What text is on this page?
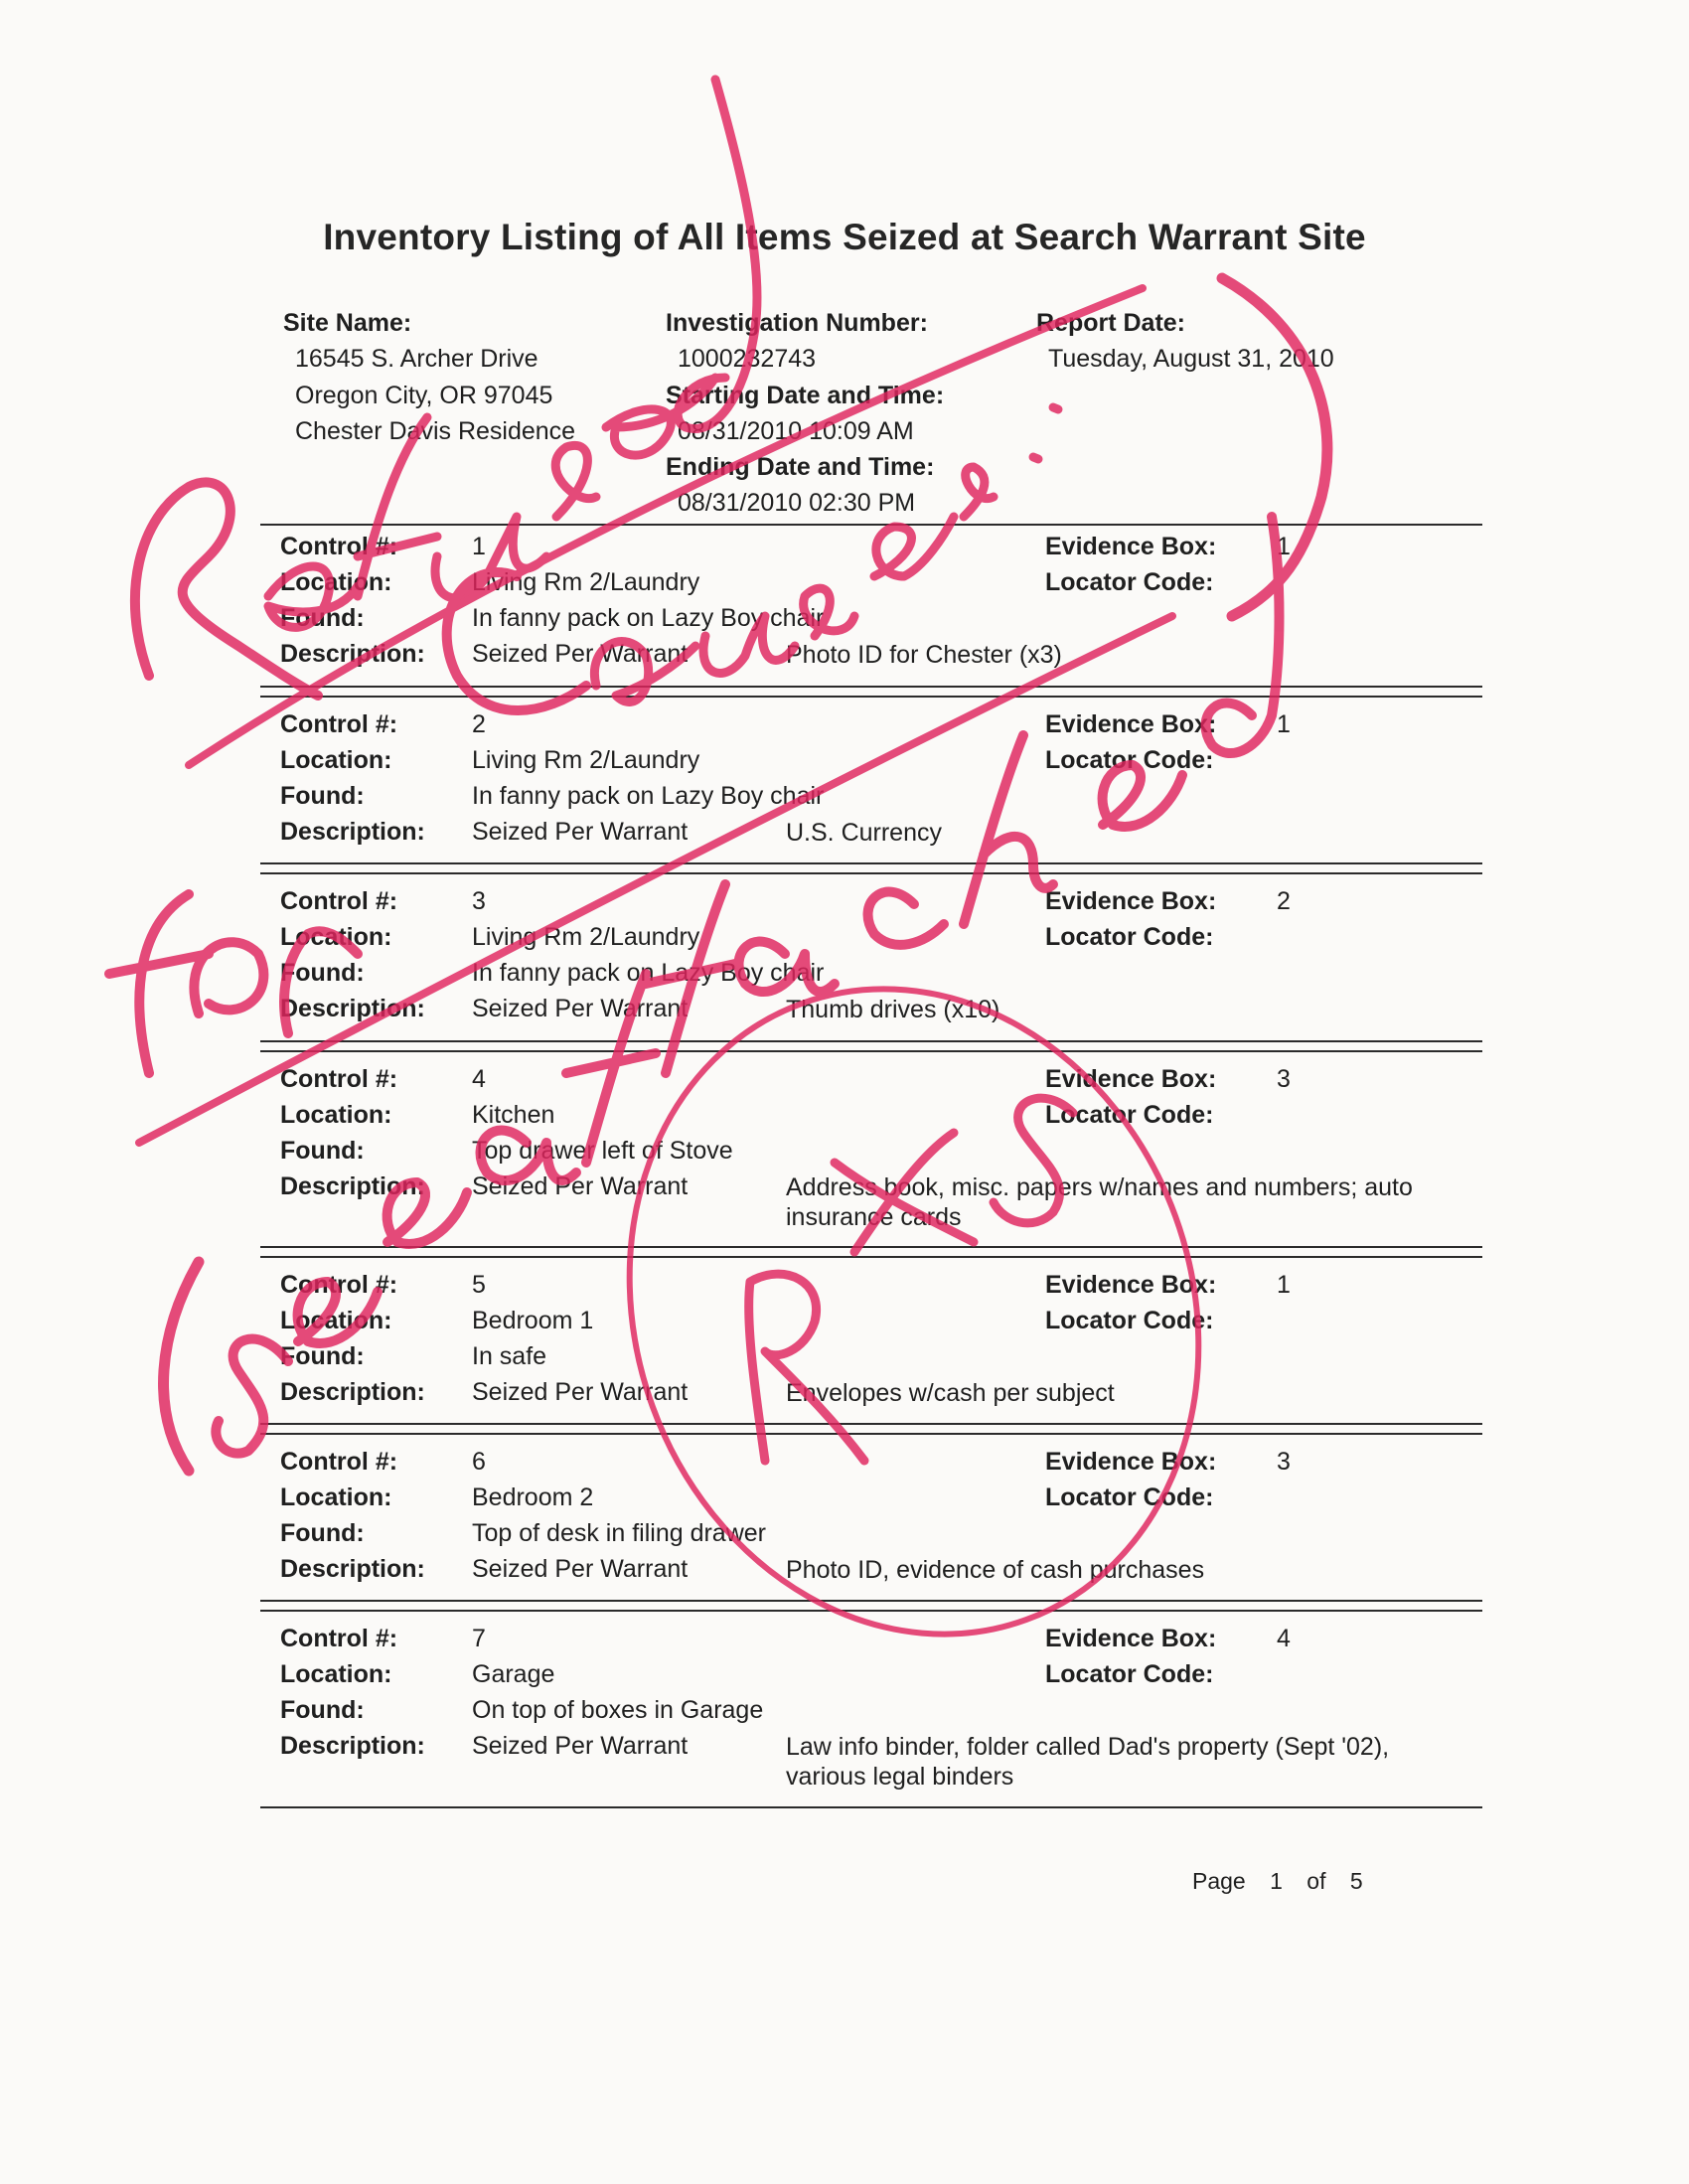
Inventory Listing of All Items Seized at Search Warrant Site
Site Name:
16545 S. Archer Drive
Oregon City, OR 97045
Chester Davis Residence
Investigation Number:
1000232743
Starting Date and Time:
08/31/2010 10:09 AM
Ending Date and Time:
08/31/2010 02:30 PM
Report Date:
Tuesday, August 31, 2010
Control #:	1
Location:	Living Rm 2/Laundry
Found:	In fanny pack on Lazy Boy chair
Description: Seized Per Warrant	Photo ID for Chester (x3)
Evidence Box: 1
Locator Code:
Control #:	2
Location:	Living Rm 2/Laundry
Found:	In fanny pack on Lazy Boy chair
Description: Seized Per Warrant	U.S. Currency
Evidence Box: 1
Locator Code:
Control #:	3
Location:	Living Rm 2/Laundry
Found:	In fanny pack on Lazy Boy chair
Description: Seized Per Warrant	Thumb drives (x10)
Evidence Box: 2
Locator Code:
Control #:	4
Location:	Kitchen
Found:	Top drawer left of Stove
Description: Seized Per Warrant	Address book, misc. papers w/names and numbers; auto insurance cards
Evidence Box: 3
Locator Code:
Control #:	5
Location:	Bedroom 1
Found:	In safe
Description: Seized Per Warrant	Envelopes w/cash per subject
Evidence Box: 1
Locator Code:
Control #:	6
Location:	Bedroom 2
Found:	Top of desk in filing drawer
Description: Seized Per Warrant	Photo ID, evidence of cash purchases
Evidence Box: 3
Locator Code:
Control #:	7
Location:	Garage
Found:	On top of boxes in Garage
Description: Seized Per Warrant	Law info binder, folder called Dad's property (Sept '02), various legal binders
Evidence Box: 4
Locator Code:
Page 1 of 5
